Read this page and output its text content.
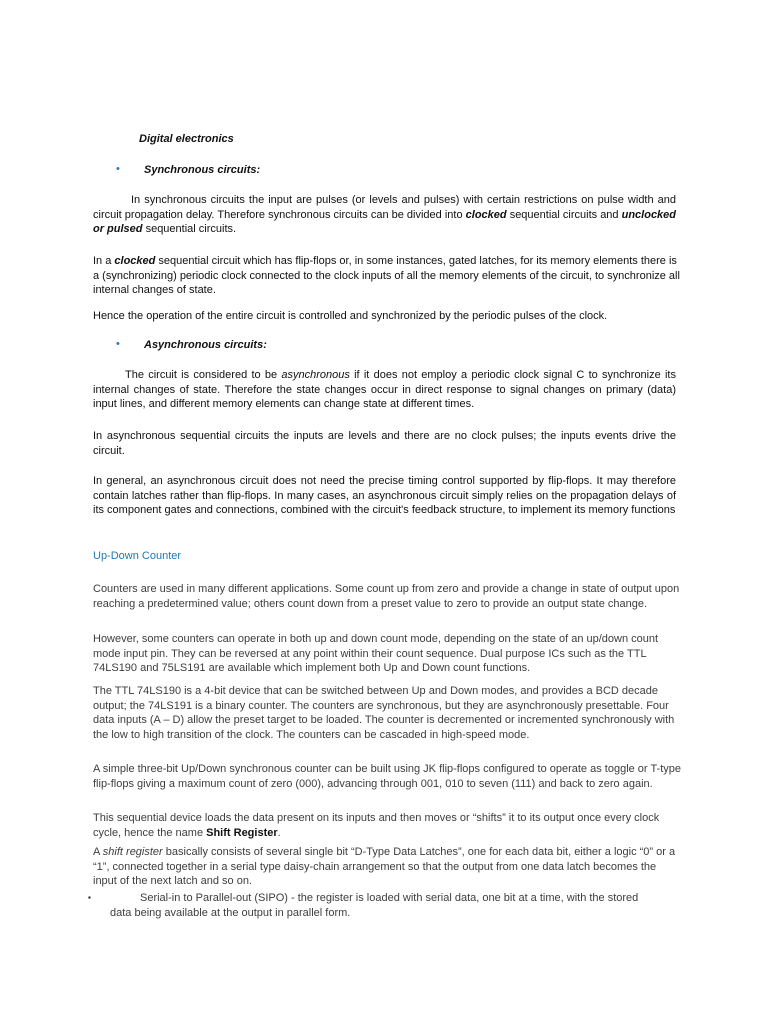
Digital electronics
• Synchronous circuits:

In synchronous circuits the input are pulses (or levels and pulses) with certain restrictions on pulse width and circuit propagation delay. Therefore synchronous circuits can be divided into clocked sequential circuits and unclocked or pulsed sequential circuits.

In a clocked sequential circuit which has flip-flops or, in some instances, gated latches, for its memory elements there is a (synchronizing) periodic clock connected to the clock inputs of all the memory elements of the circuit, to synchronize all internal changes of state.

Hence the operation of the entire circuit is controlled and synchronized by the periodic pulses of the clock.

• Asynchronous circuits:

The circuit is considered to be asynchronous if it does not employ a periodic clock signal C to synchronize its internal changes of state. Therefore the state changes occur in direct response to signal changes on primary (data) input lines, and different memory elements can change state at different times.

In asynchronous sequential circuits the inputs are levels and there are no clock pulses; the inputs events drive the circuit.

In general, an asynchronous circuit does not need the precise timing control supported by flip-flops. It may therefore contain latches rather than flip-flops. In many cases, an asynchronous circuit simply relies on the propagation delays of its component gates and connections, combined with the circuit's feedback structure, to implement its memory functions

Up-Down Counter

Counters are used in many different applications. Some count up from zero and provide a change in state of output upon reaching a predetermined value; others count down from a preset value to zero to provide an output state change.

However, some counters can operate in both up and down count mode, depending on the state of an up/down count mode input pin. They can be reversed at any point within their count sequence. Dual purpose ICs such as the TTL 74LS190 and 75LS191 are available which implement both Up and Down count functions.

The TTL 74LS190 is a 4-bit device that can be switched between Up and Down modes, and provides a BCD decade output; the 74LS191 is a binary counter. The counters are synchronous, but they are asynchronously presettable. Four data inputs (A – D) allow the preset target to be loaded. The counter is decremented or incremented synchronously with the low to high transition of the clock. The counters can be cascaded in high-speed mode.

A simple three-bit Up/Down synchronous counter can be built using JK flip-flops configured to operate as toggle or T-type flip-flops giving a maximum count of zero (000), advancing through 001, 010 to seven (111) and back to zero again.

This sequential device loads the data present on its inputs and then moves or “shifts” it to its output once every clock cycle, hence the name Shift Register.

A shift register basically consists of several single bit “D-Type Data Latches”, one for each data bit, either a logic “0” or a “1”, connected together in a serial type daisy-chain arrangement so that the output from one data latch becomes the input of the next latch and so on.

▪	Serial-in to Parallel-out (SIPO) - the register is loaded with serial data, one bit at a time, with the stored data being available at the output in parallel form.
